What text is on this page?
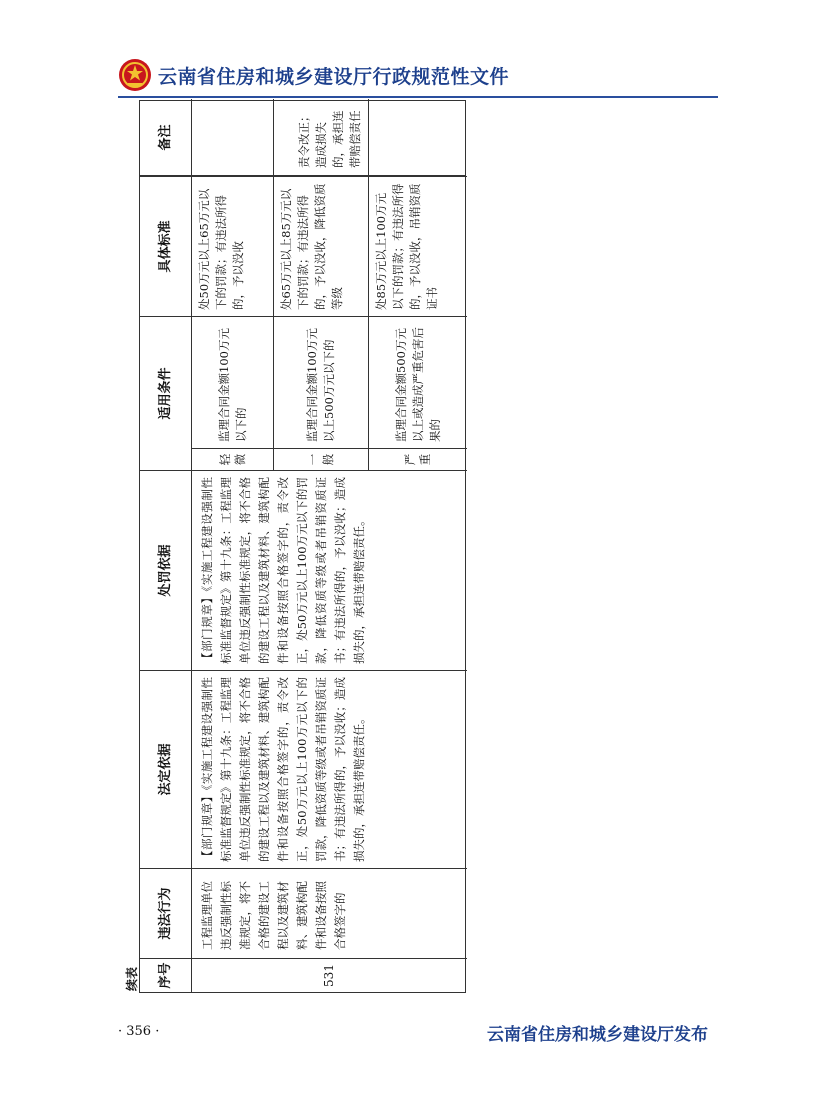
云南省住房和城乡建设厅行政规范性文件
续表	序号
违法行为
法定依据
处罚依据
适用条件
具体标准
备注
531
工程监理单位违反强制性标准规定，将不合格的建设工程以及建筑材料、建筑构配件和设备按照合格签字的
【部门规章】《实施工程建设强制性标准监督规定》第十九条：工程监理单位违反强制性标准规定，将不合格的建设工程以及建筑材料、建筑构配件和设备按照合格签字的，责令改正，处50万元以上100万元以下的罚款，降低资质等级或者吊销资质证书；有违法所得的，予以没收；造成损失的，承担连带赔偿责任。
【部门规章】《实施工程建设强制性标准监督规定》第十九条：工程监理单位违反强制性标准规定，将不合格的建设工程以及建筑材料、建筑构配件和设备按照合格签字的，责令改正，处50万元以上100万元以下的罚款，降低资质等级或者吊销资质证书；有违法所得的，予以没收；造成损失的，承担连带赔偿责任。
轻微
监理合同金额100万元以下的
处50万元以上65万元以下的罚款；有违法所得的，予以没收
一般
监理合同金额100万元以上500万元以下的
处65万元以上85万元以下的罚款；有违法所得的，予以没收，降低资质等级
严重
监理合同金额500万元以上或造成严重危害后果的
处85万元以上100万元以下的罚款；有违法所得的，予以没收，吊销资质证书
责令改正；造成损失的，承担连带赔偿责任
· 356 ·	云南省住房和城乡建设厅发布
